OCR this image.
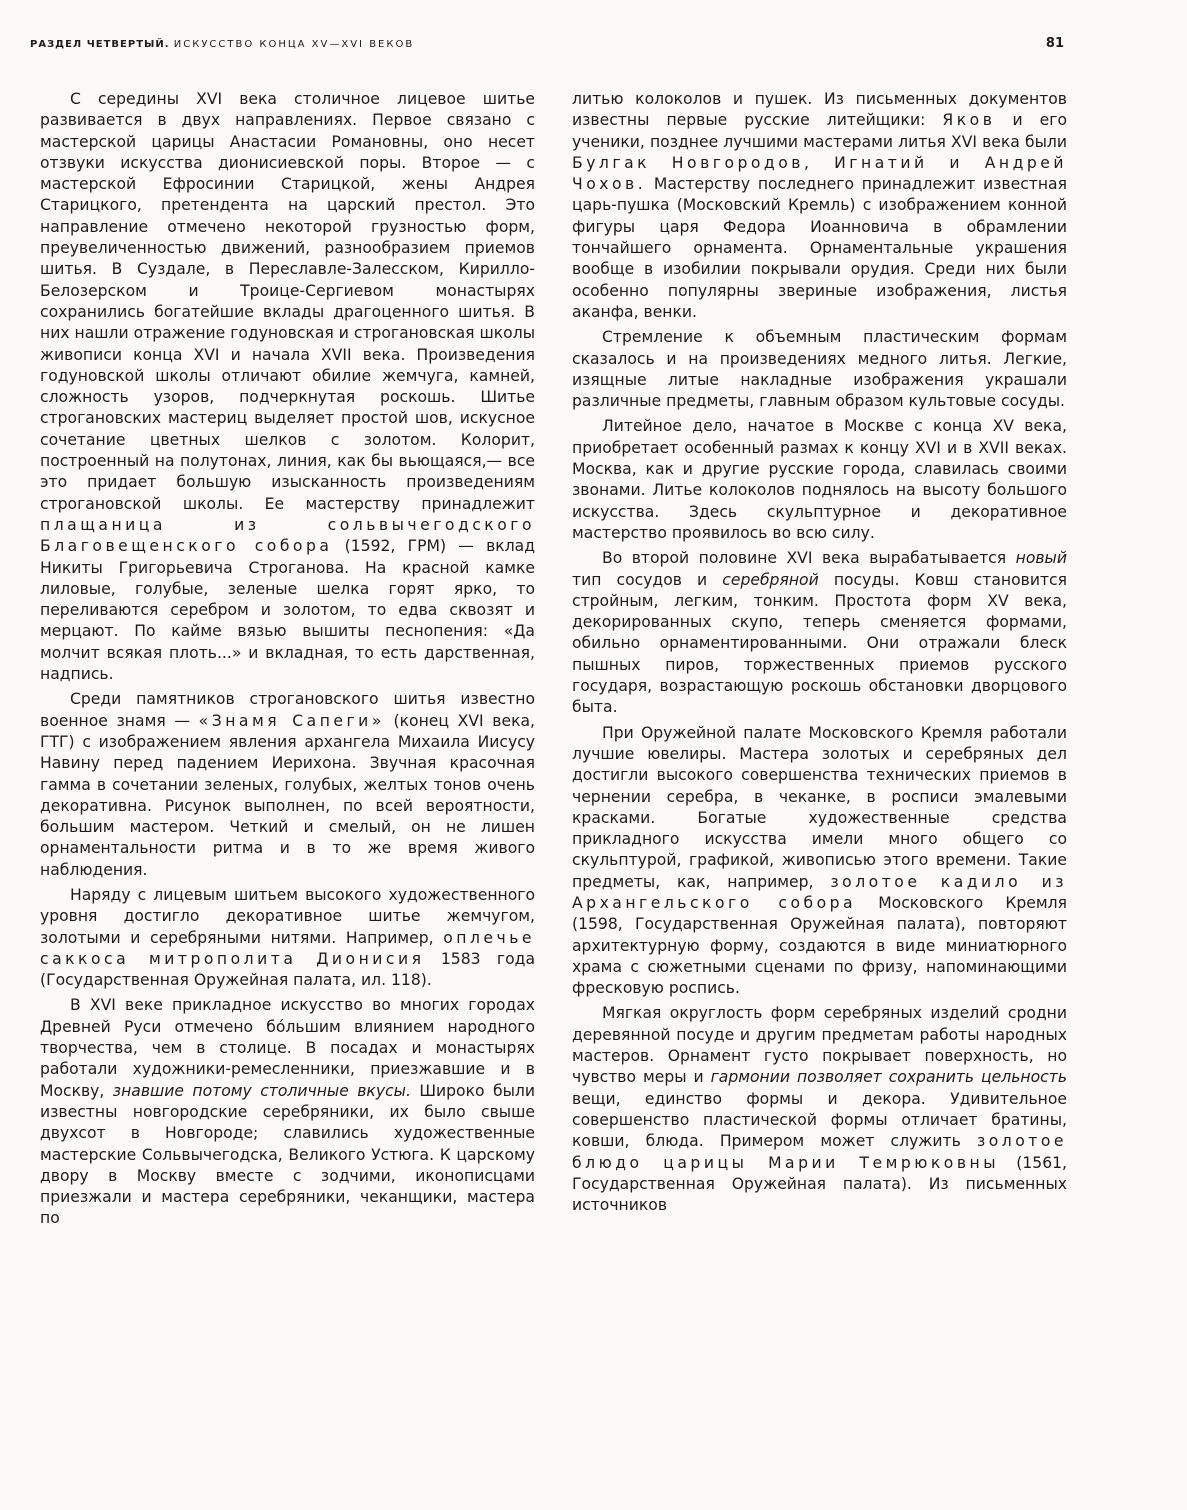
РАЗДЕЛ ЧЕТВЕРТЫЙ. ИСКУССТВО КОНЦА XV—XVI ВЕКОВ	81

С середины XVI века столичное лицевое шитье развивается в двух направлениях. Первое связано с мастерской царицы Анастасии Романовны, оно несет отзвуки искусства дионисиевской поры. Второе — с мастерской Ефросинии Старицкой, жены Андрея Старицкого, претендента на царский престол. Это направление отмечено некоторой грузностью форм, преувеличенностью движений, разнообразием приемов шитья. В Суздале, в Переславле-Залесском, Кирилло-Белозерском и Троице-Сергиевом монастырях сохранились богатейшие вклады драгоценного шитья. В них нашли отражение годуновская и строгановская школы живописи конца XVI и начала XVII века. Произведения годуновской школы отличают обилие жемчуга, камней, сложность узоров, подчеркнутая роскошь. Шитье строгановских мастериц выделяет простой шов, искусное сочетание цветных шелков с золотом. Колорит, построенный на полутонах, линия, как бы вьющаяся,— все это придает большую изысканность произведениям строгановской школы. Ее мастерству принадлежит плащаница из сольвычегодского Благовещенского собора (1592, ГРМ) — вклад Никиты Григорьевича Строганова. На красной камке лиловые, голубые, зеленые шелка горят ярко, то переливаются серебром и золотом, то едва сквозят и мерцают. По кайме вязью вышиты песнопения: «Да молчит всякая плоть...» и вкладная, то есть дарственная, надпись.

Среди памятников строгановского шитья известно военное знамя — «Знамя Сапеги» (конец XVI века, ГТГ) с изображением явления архангела Михаила Иисусу Навину перед падением Иерихона. Звучная красочная гамма в сочетании зеленых, голубых, желтых тонов очень декоративна. Рисунок выполнен, по всей вероятности, большим мастером. Четкий и смелый, он не лишен орнаментальности ритма и в то же время живого наблюдения.

Наряду с лицевым шитьем высокого художественного уровня достигло декоративное шитье жемчугом, золотыми и серебряными нитями. Например, оплечье саккоса митрополита Дионисия 1583 года (Государственная Оружейная палата, ил. 118).

В XVI веке прикладное искусство во многих городах Древней Руси отмечено бо́льшим влиянием народного творчества, чем в столице. В посадах и монастырях работали художники-ремесленники, приезжавшие и в Москву, знавшие потому столичные вкусы. Широко были известны новгородские серебряники, их было свыше двухсот в Новгороде; славились художественные мастерские Сольвычегодска, Великого Устюга. К царскому двору в Москву вместе с зодчими, иконописцами приезжали и мастера серебряники, чеканщики, мастера по

литью колоколов и пушек. Из письменных документов известны первые русские литейщики: Яков и его ученики, позднее лучшими мастерами литья XVI века были Булгак Новгородов, Игнатий и Андрей Чохов. Мастерству последнего принадлежит известная царь-пушка (Московский Кремль) с изображением конной фигуры царя Федора Иоанновича в обрамлении тончайшего орнамента. Орнаментальные украшения вообще в изобилии покрывали орудия. Среди них были особенно популярны звериные изображения, листья аканфа, венки.

Стремление к объемным пластическим формам сказалось и на произведениях медного литья. Легкие, изящные литые накладные изображения украшали различные предметы, главным образом культовые сосуды.

Литейное дело, начатое в Москве с конца XV века, приобретает особенный размах к концу XVI и в XVII веках. Москва, как и другие русские города, славилась своими звонами. Литье колоколов поднялось на высоту большого искусства. Здесь скульптурное и декоративное мастерство проявилось во всю силу.

Во второй половине XVI века вырабатывается новый тип сосудов и серебряной посуды. Ковш становится стройным, легким, тонким. Простота форм XV века, декорированных скупо, теперь сменяется формами, обильно орнаментированными. Они отражали блеск пышных пиров, торжественных приемов русского государя, возрастающую роскошь обстановки дворцового быта.

При Оружейной палате Московского Кремля работали лучшие ювелиры. Мастера золотых и серебряных дел достигли высокого совершенства технических приемов в чернении серебра, в чеканке, в росписи эмалевыми красками. Богатые художественные средства прикладного искусства имели много общего со скульптурой, графикой, живописью этого времени. Такие предметы, как, например, золотое кадило из Архангельского собора Московского Кремля (1598, Государственная Оружейная палата), повторяют архитектурную форму, создаются в виде миниатюрного храма с сюжетными сценами по фризу, напоминающими фресковую роспись.

Мягкая округлость форм серебряных изделий сродни деревянной посуде и другим предметам работы народных мастеров. Орнамент густо покрывает поверхность, но чувство меры и гармонии позволяет сохранить цельность вещи, единство формы и декора. Удивительное совершенство пластической формы отличает братины, ковши, блюда. Примером может служить золотое блюдо царицы Марии Темрюковны (1561, Государственная Оружейная палата). Из письменных источников
